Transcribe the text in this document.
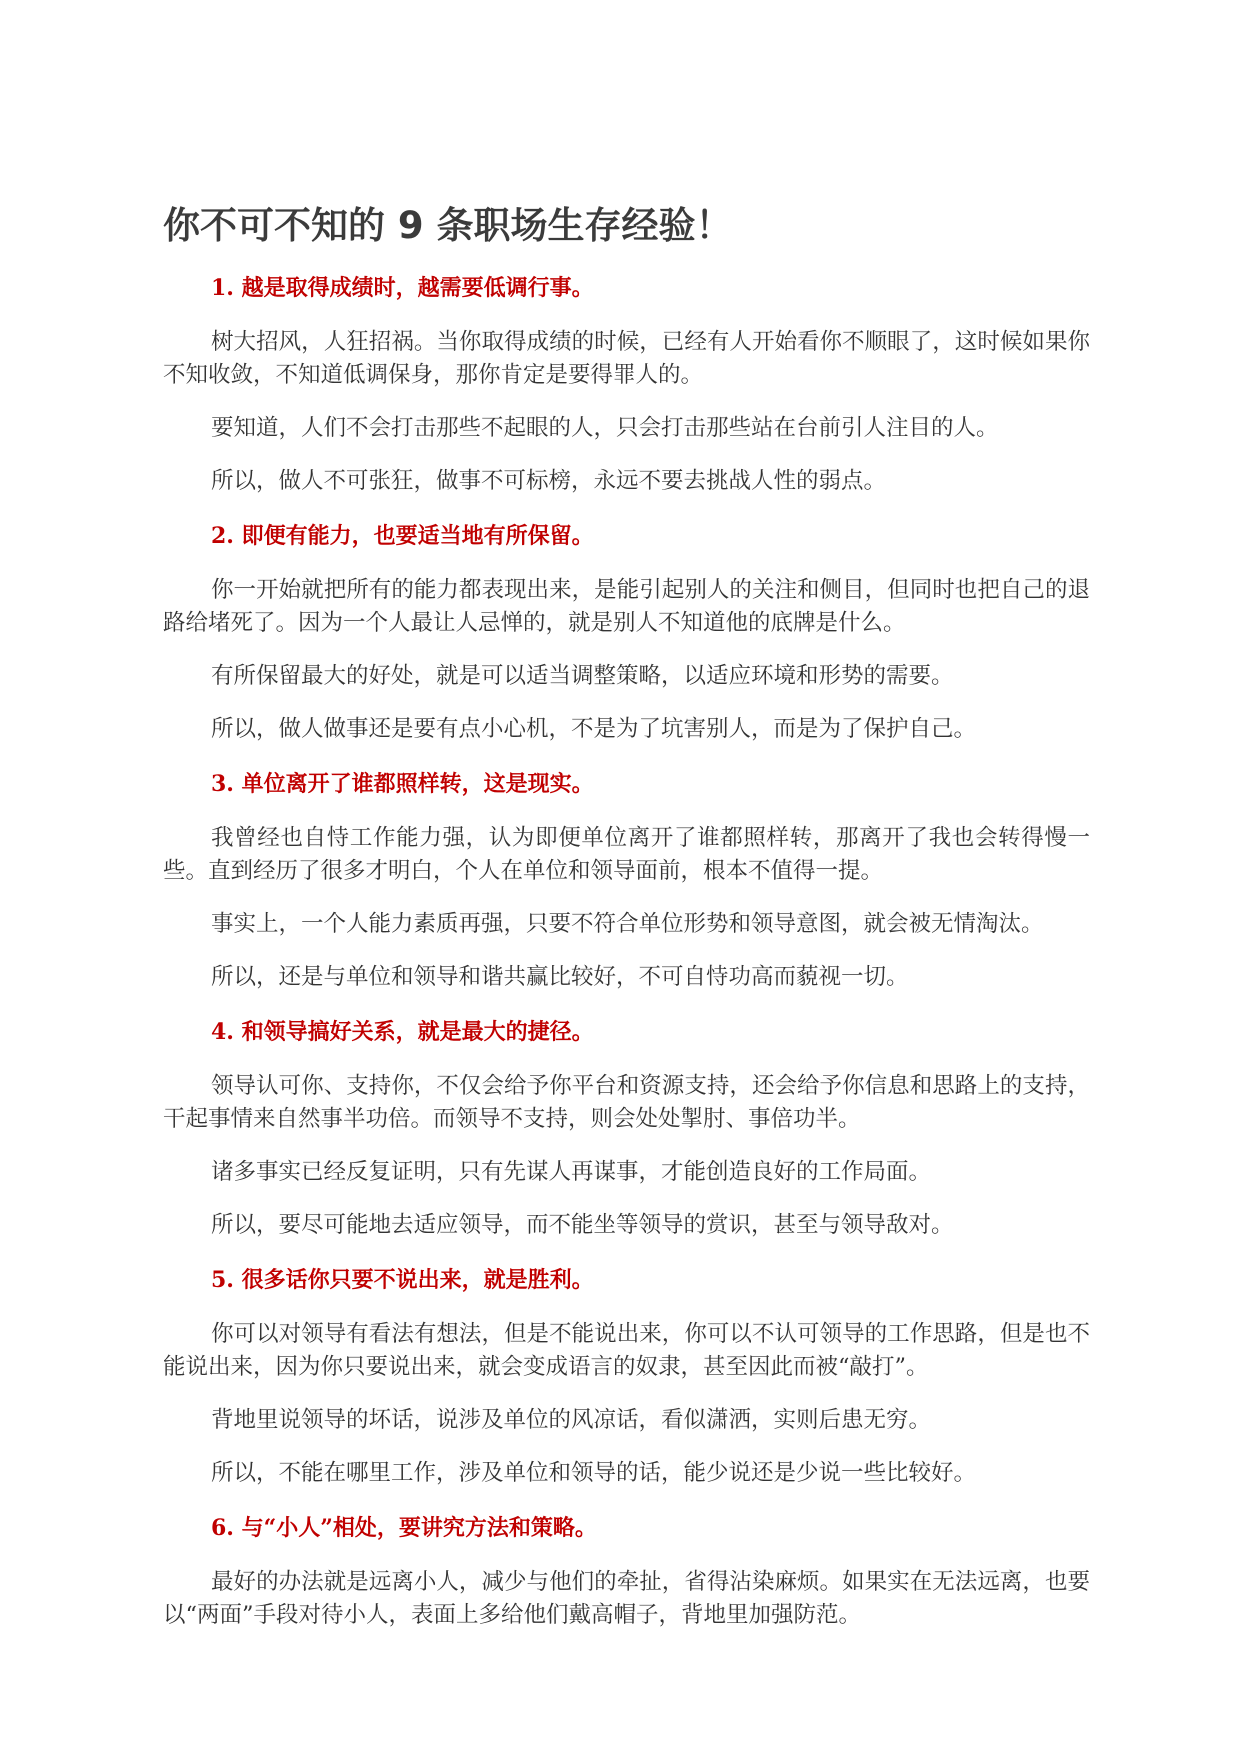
你不可不知的 9 条职场生存经验！

1. 越是取得成绩时，越需要低调行事。

树大招风，人狂招祸。当你取得成绩的时候，已经有人开始看你不顺眼了，这时候如果你不知收敛，不知道低调保身，那你肯定是要得罪人的。

要知道，人们不会打击那些不起眼的人，只会打击那些站在台前引人注目的人。

所以，做人不可张狂，做事不可标榜，永远不要去挑战人性的弱点。

2. 即便有能力，也要适当地有所保留。

你一开始就把所有的能力都表现出来，是能引起别人的关注和侧目，但同时也把自己的退路给堵死了。因为一个人最让人忌惮的，就是别人不知道他的底牌是什么。

有所保留最大的好处，就是可以适当调整策略，以适应环境和形势的需要。

所以，做人做事还是要有点小心机，不是为了坑害别人，而是为了保护自己。

3. 单位离开了谁都照样转，这是现实。

我曾经也自恃工作能力强，认为即便单位离开了谁都照样转，那离开了我也会转得慢一些。直到经历了很多才明白，个人在单位和领导面前，根本不值得一提。

事实上，一个人能力素质再强，只要不符合单位形势和领导意图，就会被无情淘汰。

所以，还是与单位和领导和谐共赢比较好，不可自恃功高而藐视一切。

4. 和领导搞好关系，就是最大的捷径。

领导认可你、支持你，不仅会给予你平台和资源支持，还会给予你信息和思路上的支持，干起事情来自然事半功倍。而领导不支持，则会处处掣肘、事倍功半。

诸多事实已经反复证明，只有先谋人再谋事，才能创造良好的工作局面。

所以，要尽可能地去适应领导，而不能坐等领导的赏识，甚至与领导敌对。

5. 很多话你只要不说出来，就是胜利。

你可以对领导有看法有想法，但是不能说出来，你可以不认可领导的工作思路，但是也不能说出来，因为你只要说出来，就会变成语言的奴隶，甚至因此而被“敲打”。

背地里说领导的坏话，说涉及单位的风凉话，看似潇洒，实则后患无穷。

所以，不能在哪里工作，涉及单位和领导的话，能少说还是少说一些比较好。

6. 与“小人”相处，要讲究方法和策略。

最好的办法就是远离小人，减少与他们的牵扯，省得沾染麻烦。如果实在无法远离，也要以“两面”手段对待小人，表面上多给他们戴高帽子，背地里加强防范。
